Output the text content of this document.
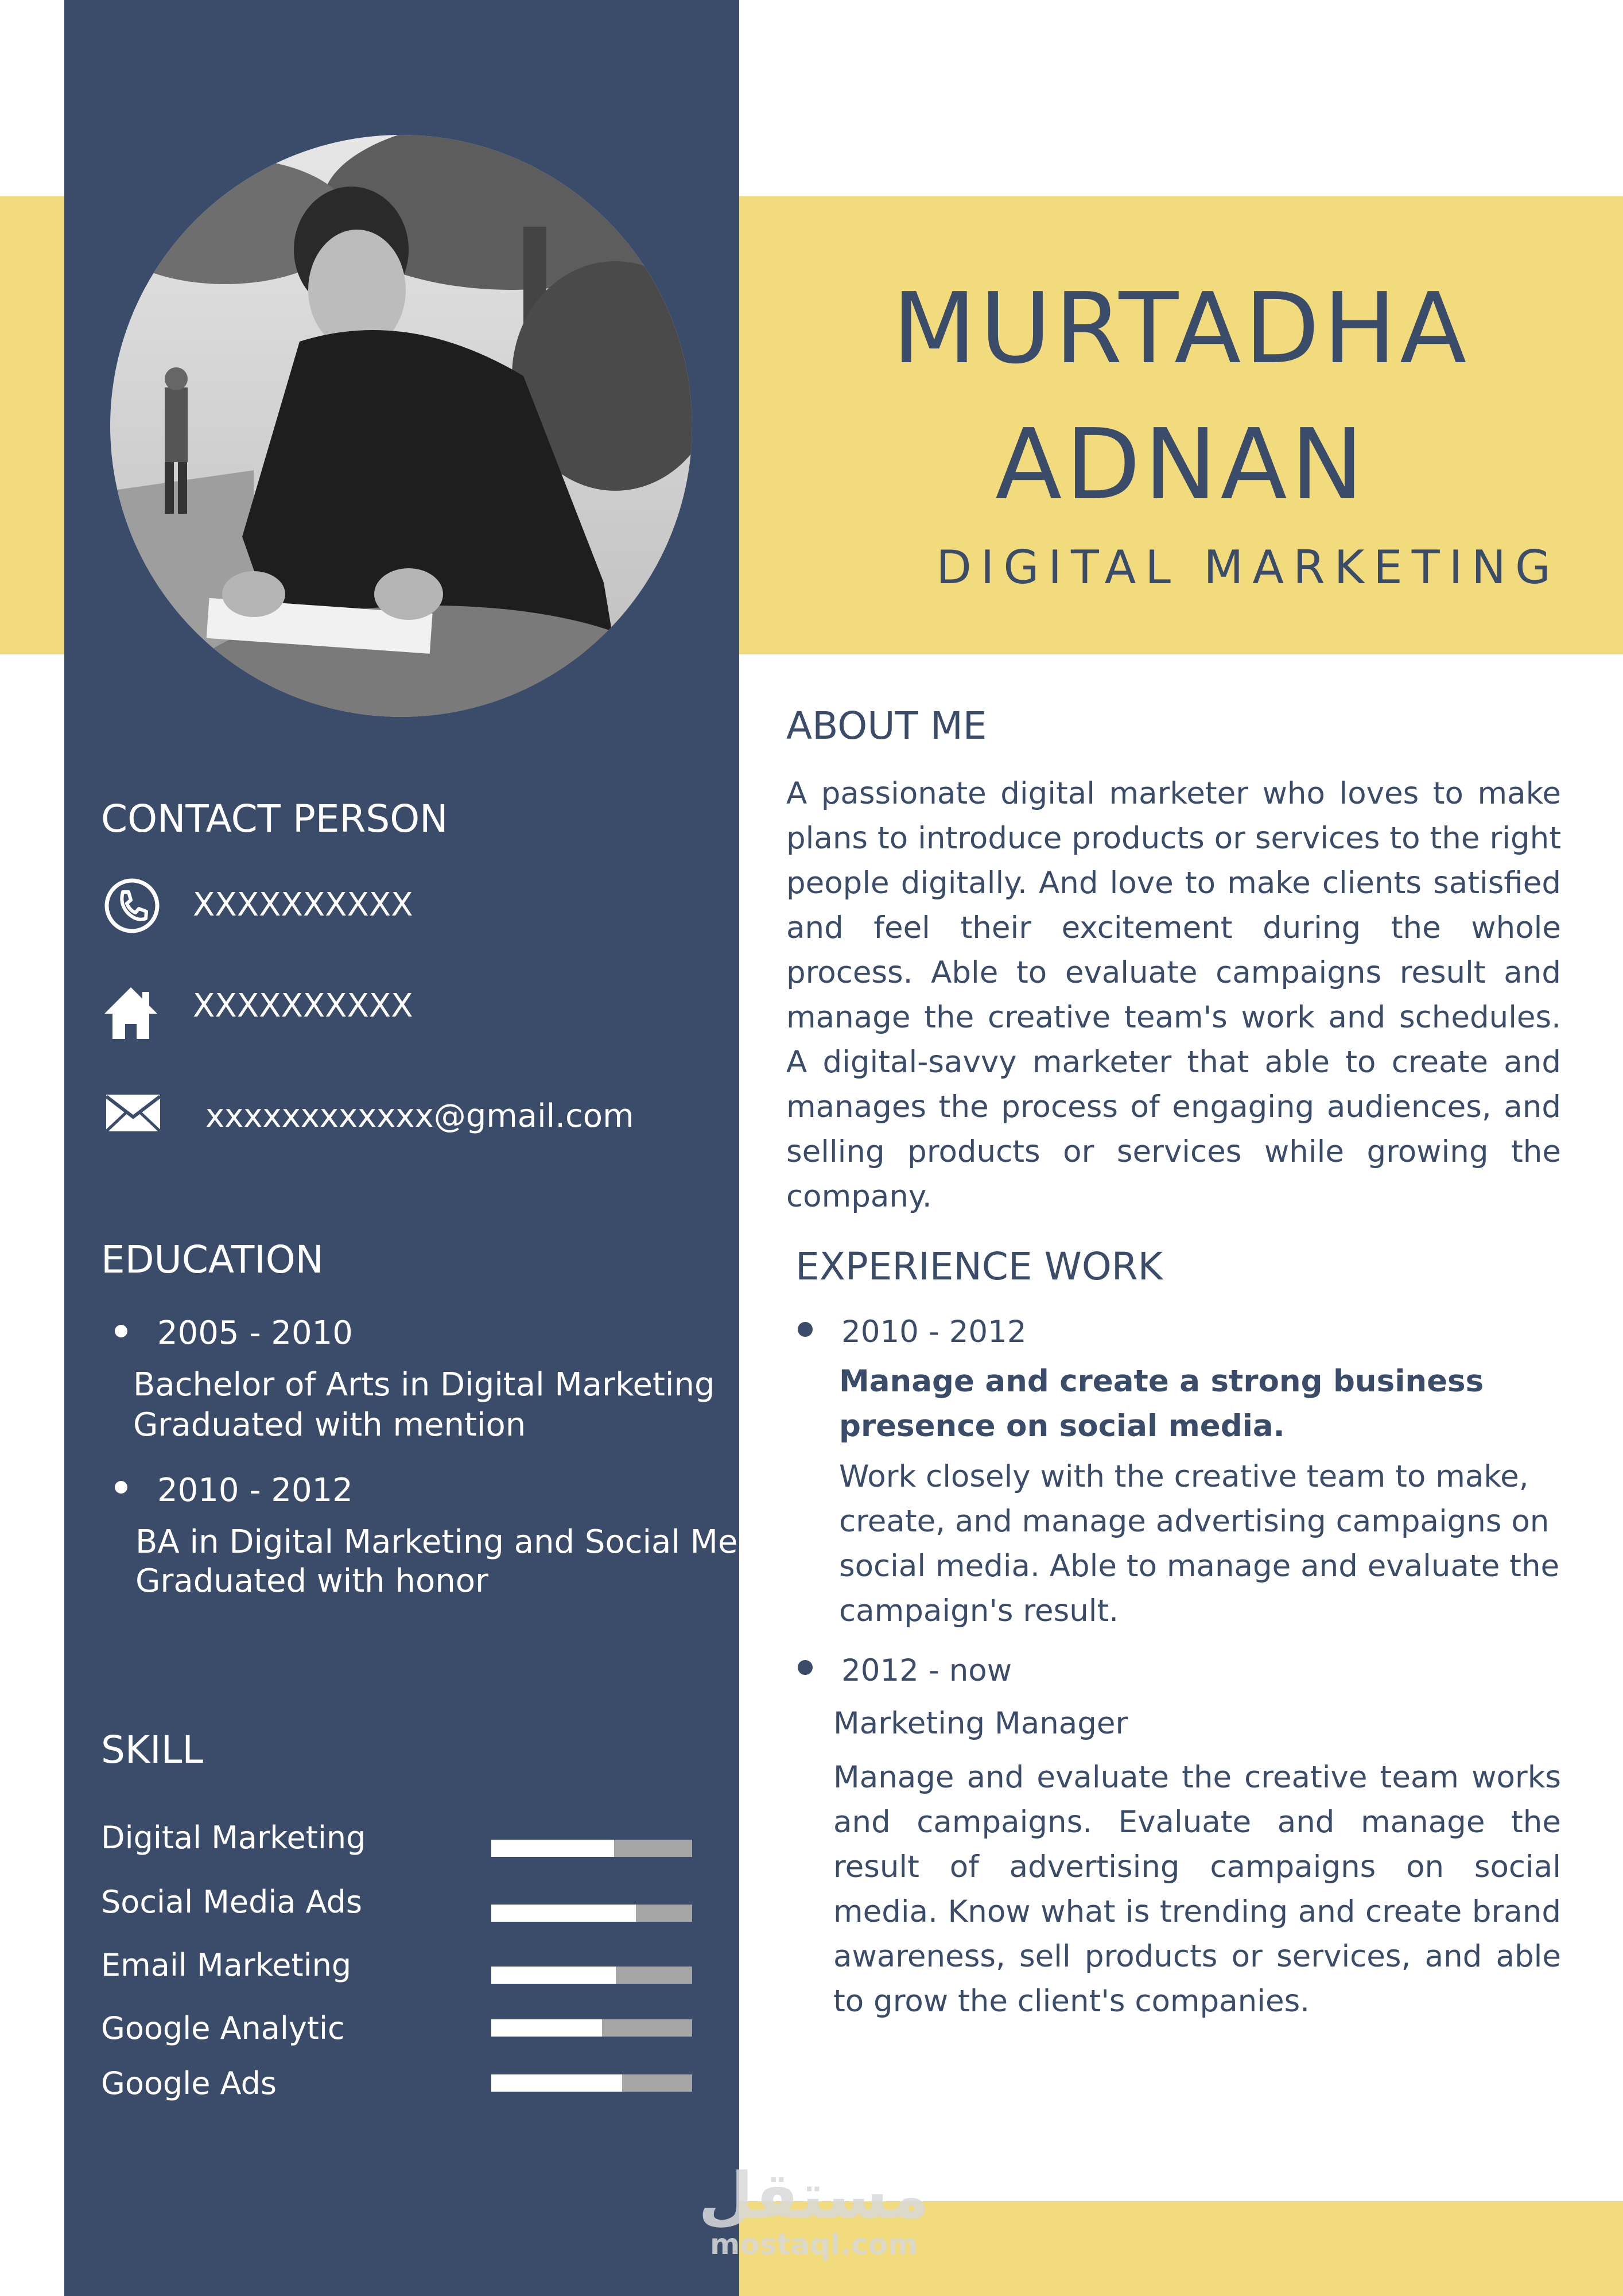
MURTADHA
ADNAN
DIGITAL MARKETING
CONTACT PERSON
XXXXXXXXXX
XXXXXXXXXX
xxxxxxxxxxxx@gmail.com
EDUCATION
2005 - 2010
Bachelor of Arts in Digital Marketing
Graduated with mention
2010 - 2012
BA in Digital Marketing and Social Media
Graduated with honor
SKILL
Digital Marketing
Social Media Ads
Email Marketing
Google Analytic
Google Ads
ABOUT ME
A passionate digital marketer who loves to make plans to introduce products or services to the right people digitally. And love to make clients satisfied and feel their excitement during the whole process. Able to evaluate campaigns result and manage the creative team's work and schedules. A digital-savvy marketer that able to create and manages the process of engaging audiences, and selling products or services while growing the company.
EXPERIENCE WORK
2010 - 2012
Manage and create a strong business
presence on social media.
Work closely with the creative team to make, create, and manage advertising campaigns on social media. Able to manage and evaluate the campaign's result.
2012 - now
Marketing Manager
Manage and evaluate the creative team works and campaigns. Evaluate and manage the result of advertising campaigns on social media. Know what is trending and create brand awareness, sell products or services, and able to grow the client's companies.
مستقل
mostaql.com
